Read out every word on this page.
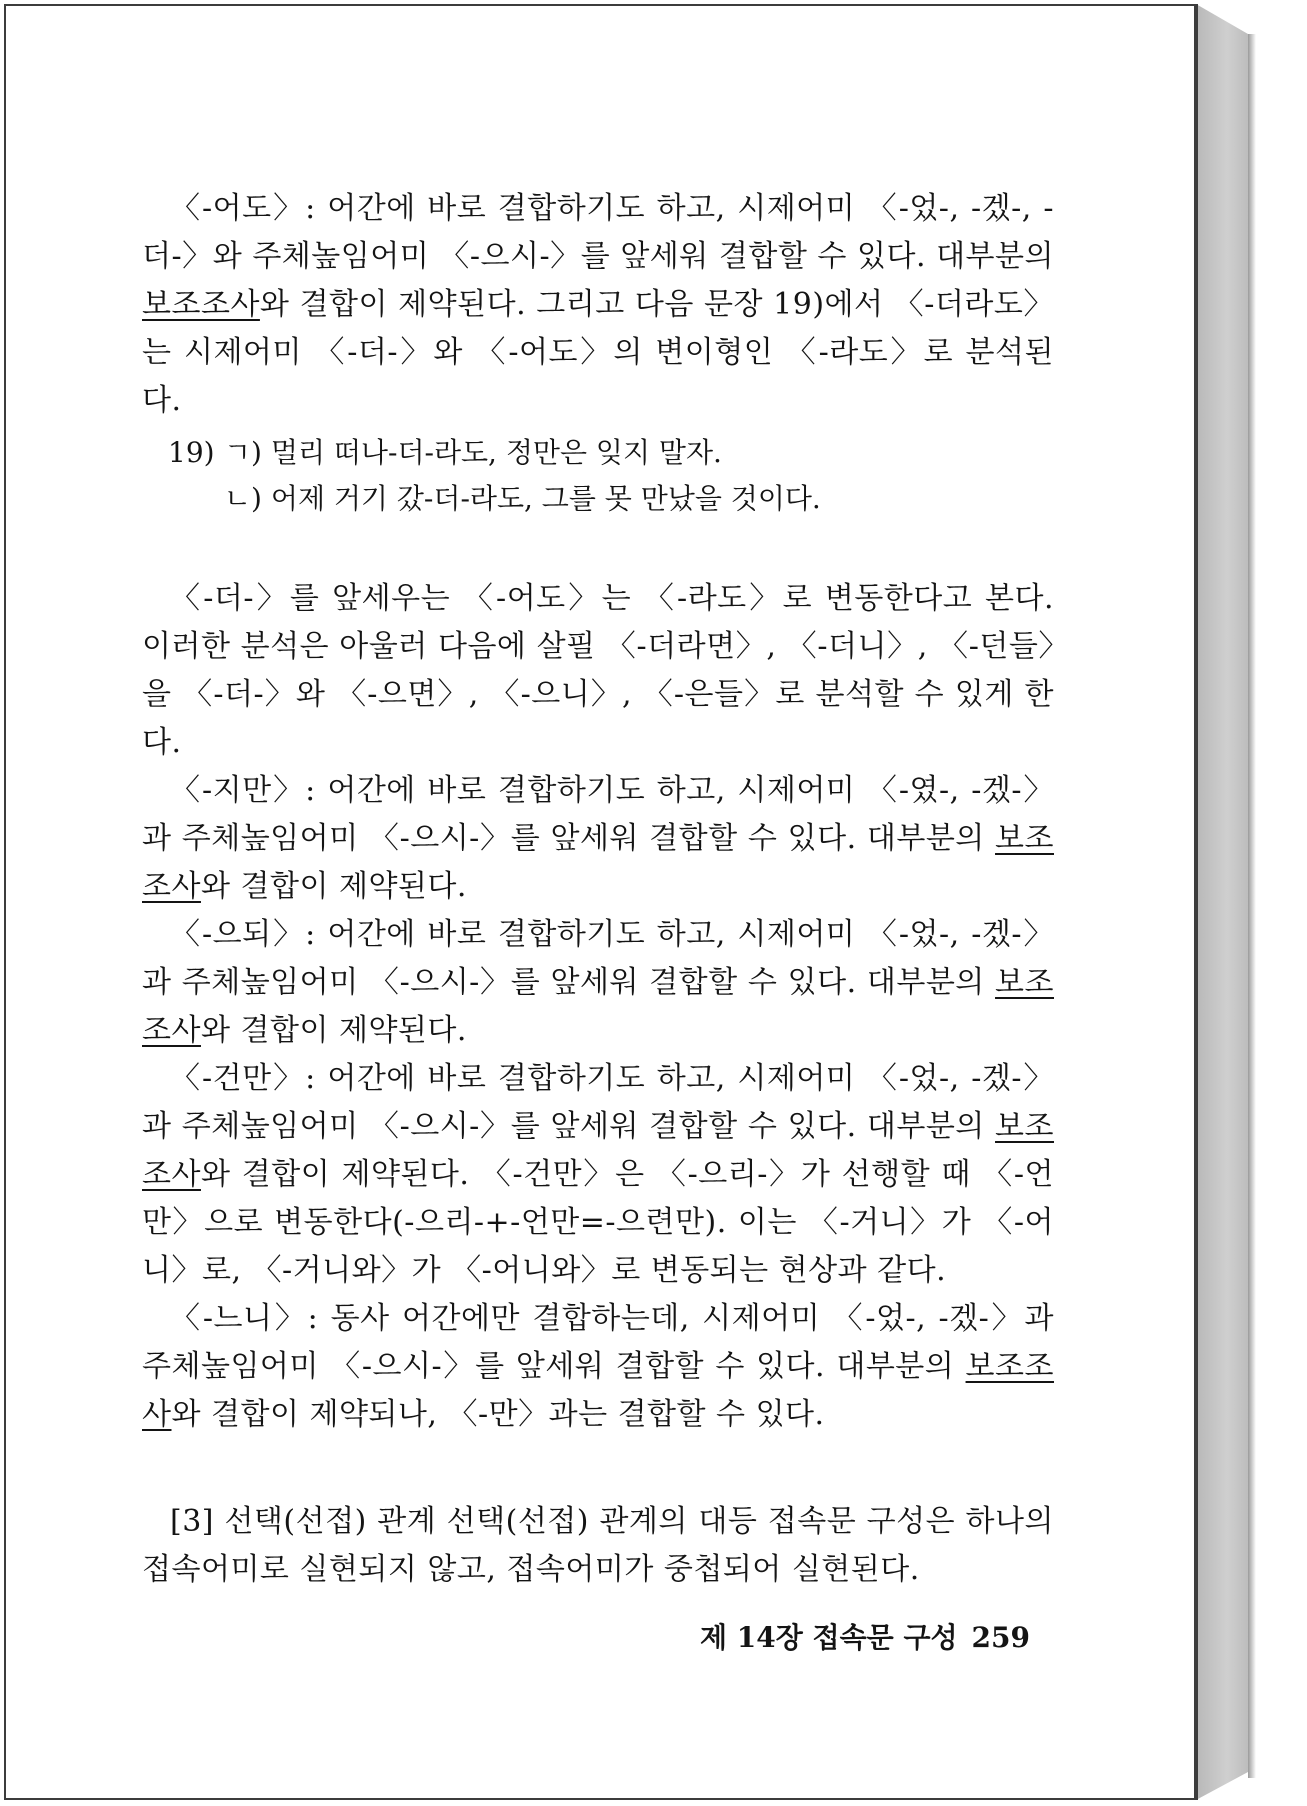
〈-어도〉: 어간에 바로 결합하기도 하고, 시제어미 〈-었-, -겠-, -더-〉와 주체높임어미 〈-으시-〉를 앞세워 결합할 수 있다. 대부분의 보조조사와 결합이 제약된다. 그리고 다음 문장 19)에서 〈-더라도〉는 시제어미 〈-더-〉와 〈-어도〉의 변이형인 〈-라도〉로 분석된다.

19) ㄱ) 멀리 떠나-더-라도, 정만은 잊지 말자.
ㄴ) 어제 거기 갔-더-라도, 그를 못 만났을 것이다.

〈-더-〉를 앞세우는 〈-어도〉는 〈-라도〉로 변동한다고 본다. 이러한 분석은 아울러 다음에 살필 〈-더라면〉, 〈-더니〉, 〈-던들〉을 〈-더-〉와 〈-으면〉, 〈-으니〉, 〈-은들〉로 분석할 수 있게 한다.

〈-지만〉: 어간에 바로 결합하기도 하고, 시제어미 〈-였-, -겠-〉과 주체높임어미 〈-으시-〉를 앞세워 결합할 수 있다. 대부분의 보조조사와 결합이 제약된다.

〈-으되〉: 어간에 바로 결합하기도 하고, 시제어미 〈-었-, -겠-〉과 주체높임어미 〈-으시-〉를 앞세워 결합할 수 있다. 대부분의 보조조사와 결합이 제약된다.

〈-건만〉: 어간에 바로 결합하기도 하고, 시제어미 〈-었-, -겠-〉과 주체높임어미 〈-으시-〉를 앞세워 결합할 수 있다. 대부분의 보조조사와 결합이 제약된다. 〈-건만〉은 〈-으리-〉가 선행할 때 〈-언만〉으로 변동한다(-으리-+-언만=-으련만). 이는 〈-거니〉가 〈-어니〉로, 〈-거니와〉가 〈-어니와〉로 변동되는 현상과 같다.

〈-느니〉: 동사 어간에만 결합하는데, 시제어미 〈-었-, -겠-〉과 주체높임어미 〈-으시-〉를 앞세워 결합할 수 있다. 대부분의 보조조사와 결합이 제약되나, 〈-만〉과는 결합할 수 있다.

[3] 선택(선접) 관계 선택(선접) 관계의 대등 접속문 구성은 하나의 접속어미로 실현되지 않고, 접속어미가 중첩되어 실현된다.

제 14장 접속문 구성 259
